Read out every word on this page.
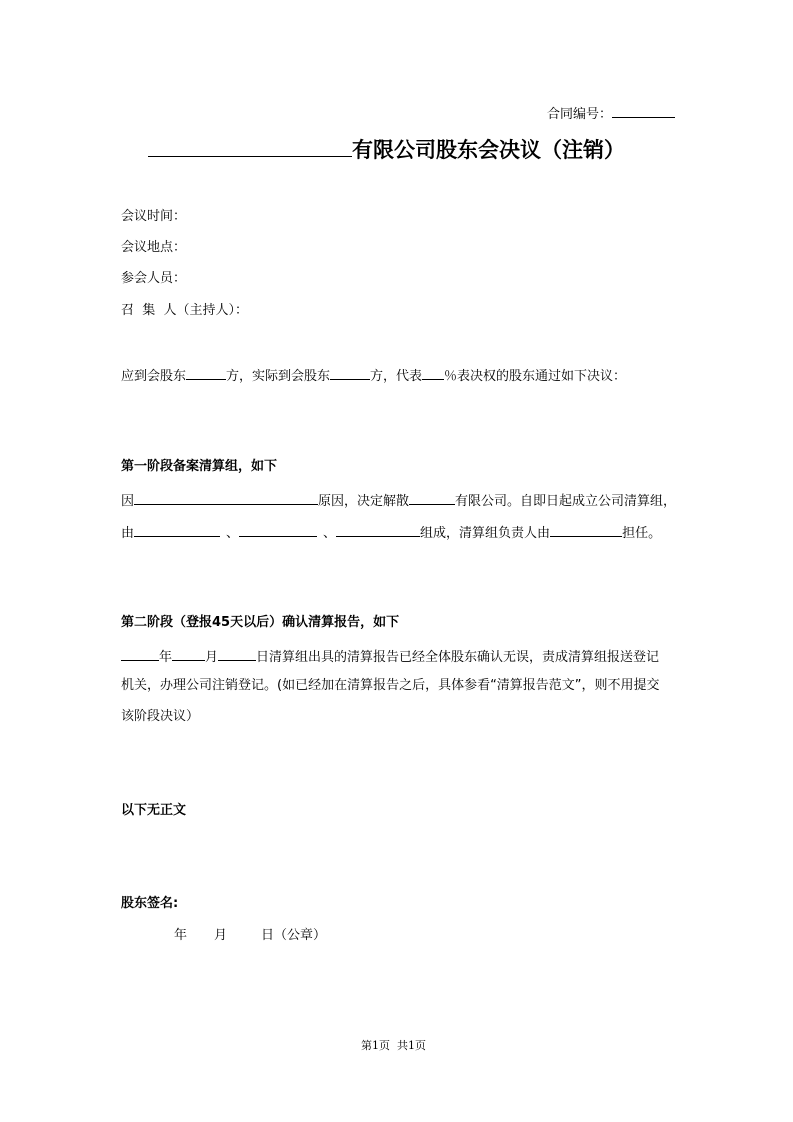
合同编号：
有限公司股东会决议（注销）
会议时间：
会议地点：
参会人员：
召  集  人（主持人）：
应到会股东	方，实际到会股东	方，代表 ％表决权的股东通过如下决议：
第一阶段备案清算组，如下
因	原因，决定解散	有限公司。自即日起成立公司清算组，
由	、	、	组成，清算组负责人由	担任。
第二阶段（登报45天以后）确认清算报告，如下
年	月	日清算组出具的清算报告已经全体股东确认无误，责成清算组报送登记
机关，办理公司注销登记。(如已经加在清算报告之后，具体参看“清算报告范文”，则不用提交
该阶段决议）
以下无正文
股东签名:
年 月	日（公章）
第1页  共1页
